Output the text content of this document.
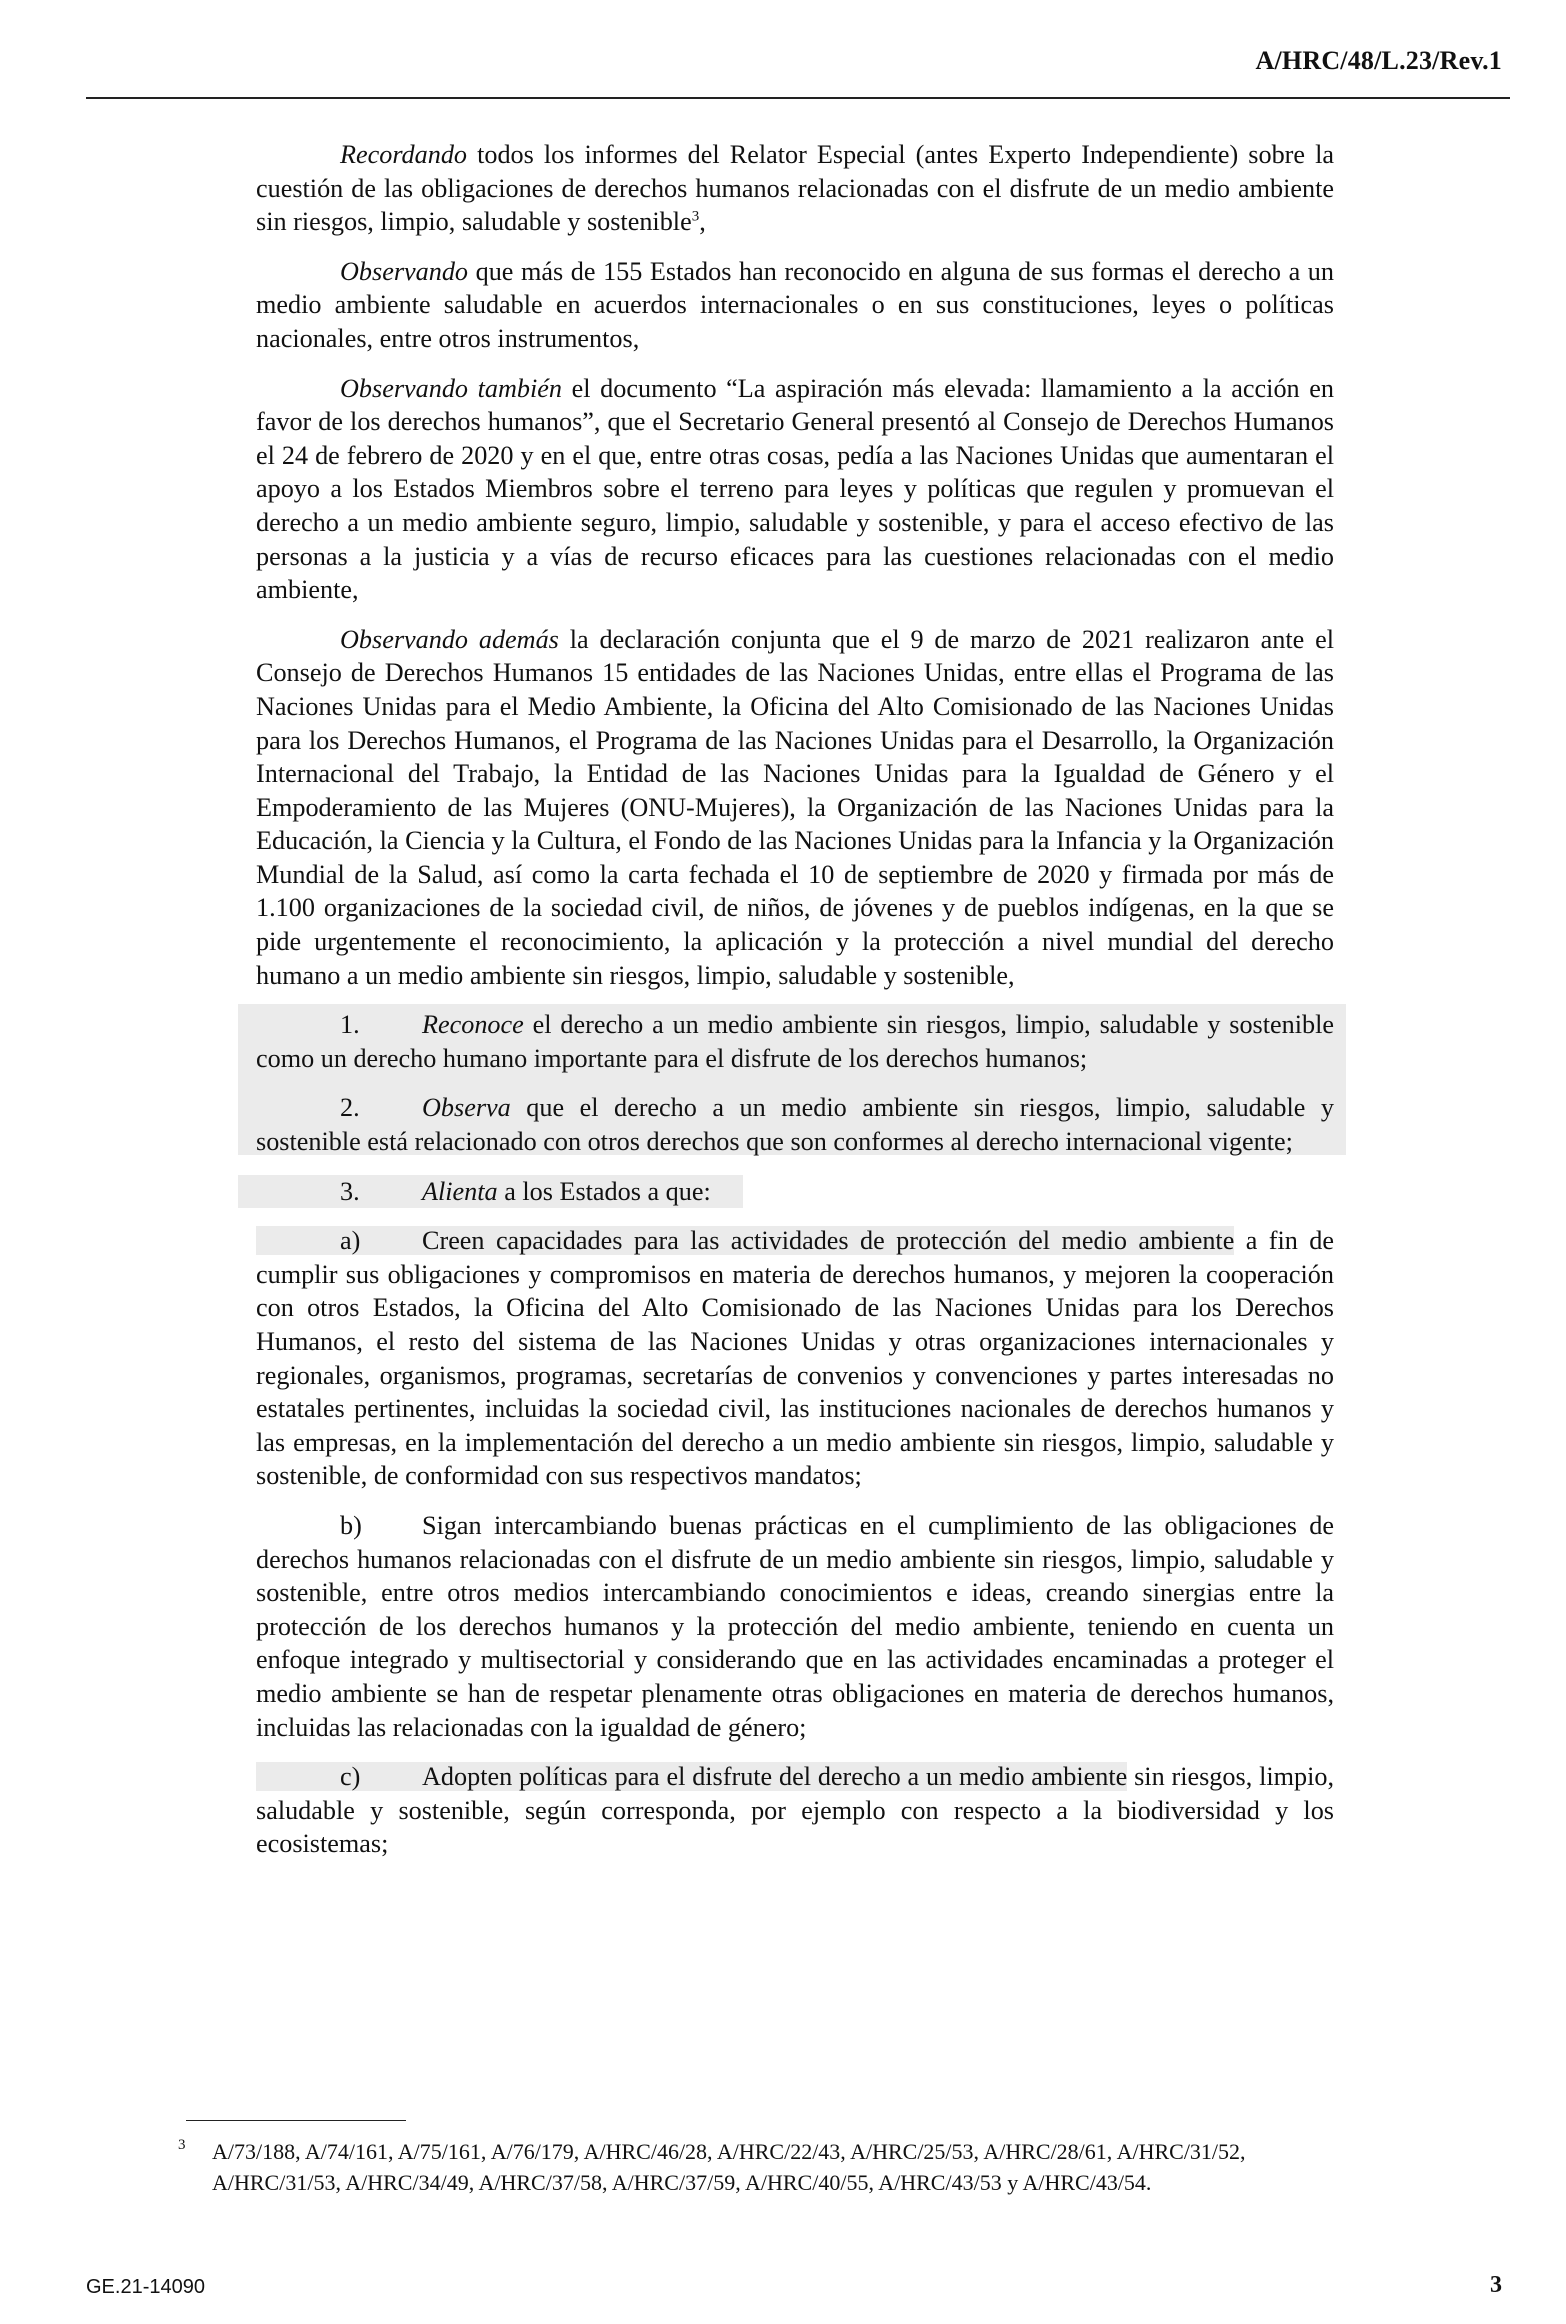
A/HRC/48/L.23/Rev.1

Recordando todos los informes del Relator Especial (antes Experto Independiente) sobre la cuestión de las obligaciones de derechos humanos relacionadas con el disfrute de un medio ambiente sin riesgos, limpio, saludable y sostenible$^3$,

Observando que más de 155 Estados han reconocido en alguna de sus formas el derecho a un medio ambiente saludable en acuerdos internacionales o en sus constituciones, leyes o políticas nacionales, entre otros instrumentos,

Observando también el documento “La aspiración más elevada: llamamiento a la acción en favor de los derechos humanos”, que el Secretario General presentó al Consejo de Derechos Humanos el 24 de febrero de 2020 y en el que, entre otras cosas, pedía a las Naciones Unidas que aumentaran el apoyo a los Estados Miembros sobre el terreno para leyes y políticas que regulen y promuevan el derecho a un medio ambiente seguro, limpio, saludable y sostenible, y para el acceso efectivo de las personas a la justicia y a vías de recurso eficaces para las cuestiones relacionadas con el medio ambiente,

Observando además la declaración conjunta que el 9 de marzo de 2021 realizaron ante el Consejo de Derechos Humanos 15 entidades de las Naciones Unidas, entre ellas el Programa de las Naciones Unidas para el Medio Ambiente, la Oficina del Alto Comisionado de las Naciones Unidas para los Derechos Humanos, el Programa de las Naciones Unidas para el Desarrollo, la Organización Internacional del Trabajo, la Entidad de las Naciones Unidas para la Igualdad de Género y el Empoderamiento de las Mujeres (ONU-Mujeres), la Organización de las Naciones Unidas para la Educación, la Ciencia y la Cultura, el Fondo de las Naciones Unidas para la Infancia y la Organización Mundial de la Salud, así como la carta fechada el 10 de septiembre de 2020 y firmada por más de 1.100 organizaciones de la sociedad civil, de niños, de jóvenes y de pueblos indígenas, en la que se pide urgentemente el reconocimiento, la aplicación y la protección a nivel mundial del derecho humano a un medio ambiente sin riesgos, limpio, saludable y sostenible,

1. Reconoce el derecho a un medio ambiente sin riesgos, limpio, saludable y sostenible como un derecho humano importante para el disfrute de los derechos humanos;

2. Observa que el derecho a un medio ambiente sin riesgos, limpio, saludable y sostenible está relacionado con otros derechos que son conformes al derecho internacional vigente;

3. Alienta a los Estados a que:

a) Creen capacidades para las actividades de protección del medio ambiente a fin de cumplir sus obligaciones y compromisos en materia de derechos humanos, y mejoren la cooperación con otros Estados, la Oficina del Alto Comisionado de las Naciones Unidas para los Derechos Humanos, el resto del sistema de las Naciones Unidas y otras organizaciones internacionales y regionales, organismos, programas, secretarías de convenios y convenciones y partes interesadas no estatales pertinentes, incluidas la sociedad civil, las instituciones nacionales de derechos humanos y las empresas, en la implementación del derecho a un medio ambiente sin riesgos, limpio, saludable y sostenible, de conformidad con sus respectivos mandatos;

b) Sigan intercambiando buenas prácticas en el cumplimiento de las obligaciones de derechos humanos relacionadas con el disfrute de un medio ambiente sin riesgos, limpio, saludable y sostenible, entre otros medios intercambiando conocimientos e ideas, creando sinergias entre la protección de los derechos humanos y la protección del medio ambiente, teniendo en cuenta un enfoque integrado y multisectorial y considerando que en las actividades encaminadas a proteger el medio ambiente se han de respetar plenamente otras obligaciones en materia de derechos humanos, incluidas las relacionadas con la igualdad de género;

c) Adopten políticas para el disfrute del derecho a un medio ambiente sin riesgos, limpio, saludable y sostenible, según corresponda, por ejemplo con respecto a la biodiversidad y los ecosistemas;

3 A/73/188, A/74/161, A/75/161, A/76/179, A/HRC/46/28, A/HRC/22/43, A/HRC/25/53, A/HRC/28/61, A/HRC/31/52, A/HRC/31/53, A/HRC/34/49, A/HRC/37/58, A/HRC/37/59, A/HRC/40/55, A/HRC/43/53 y A/HRC/43/54.
GE.21-14090	3
